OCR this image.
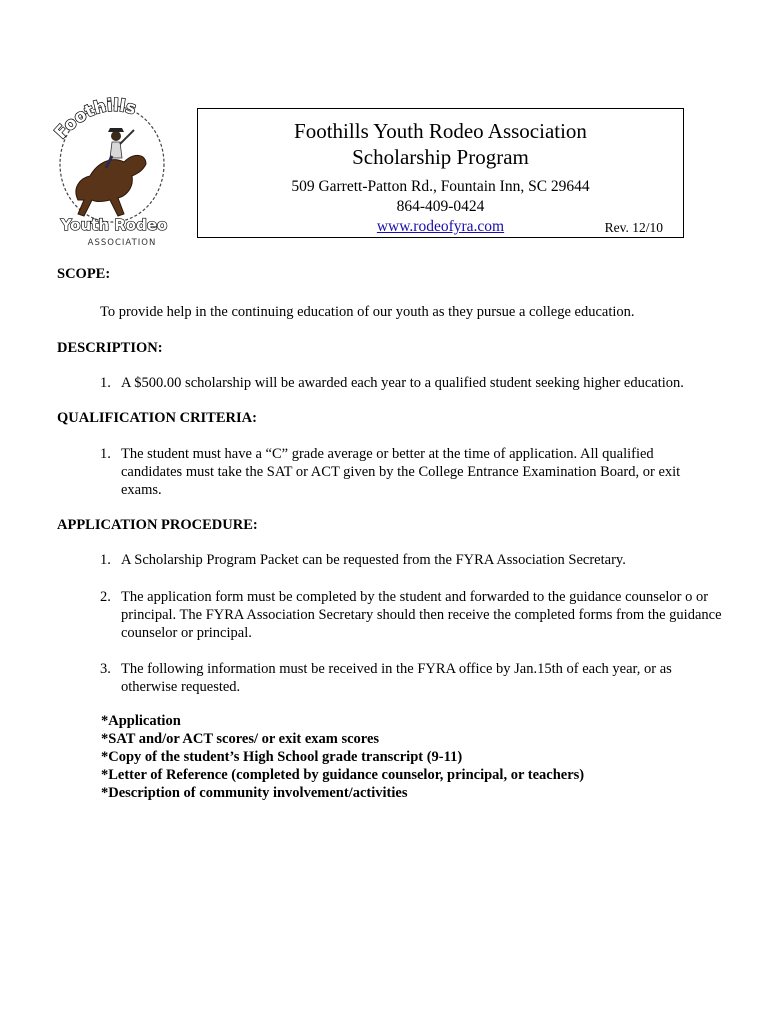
Foothills
Youth Rodeo
ASSOCIATION
Foothills Youth Rodeo Association
Scholarship Program
509 Garrett-Patton Rd., Fountain Inn, SC 29644
864-409-0424
www.rodeofyra.com	Rev. 12/10
SCOPE:
To provide help in the continuing education of our youth as they pursue a college education.
DESCRIPTION:
1. A $500.00 scholarship will be awarded each year to a qualified student seeking higher education.
QUALIFICATION CRITERIA:
1. The student must have a “C” grade average or better at the time of application. All qualified candidates must take the SAT or ACT given by the College Entrance Examination Board, or exit exams.
APPLICATION PROCEDURE:
1. A Scholarship Program Packet can be requested from the FYRA Association Secretary.
2. The application form must be completed by the student and forwarded to the guidance counselor o or principal. The FYRA Association Secretary should then receive the completed forms from the guidance counselor or principal.
3. The following information must be received in the FYRA office by Jan.15th of each year, or as otherwise requested.
*Application
*SAT and/or ACT scores/ or exit exam scores
*Copy of the student’s High School grade transcript (9-11)
*Letter of Reference (completed by guidance counselor, principal, or teachers)
*Description of community involvement/activities
